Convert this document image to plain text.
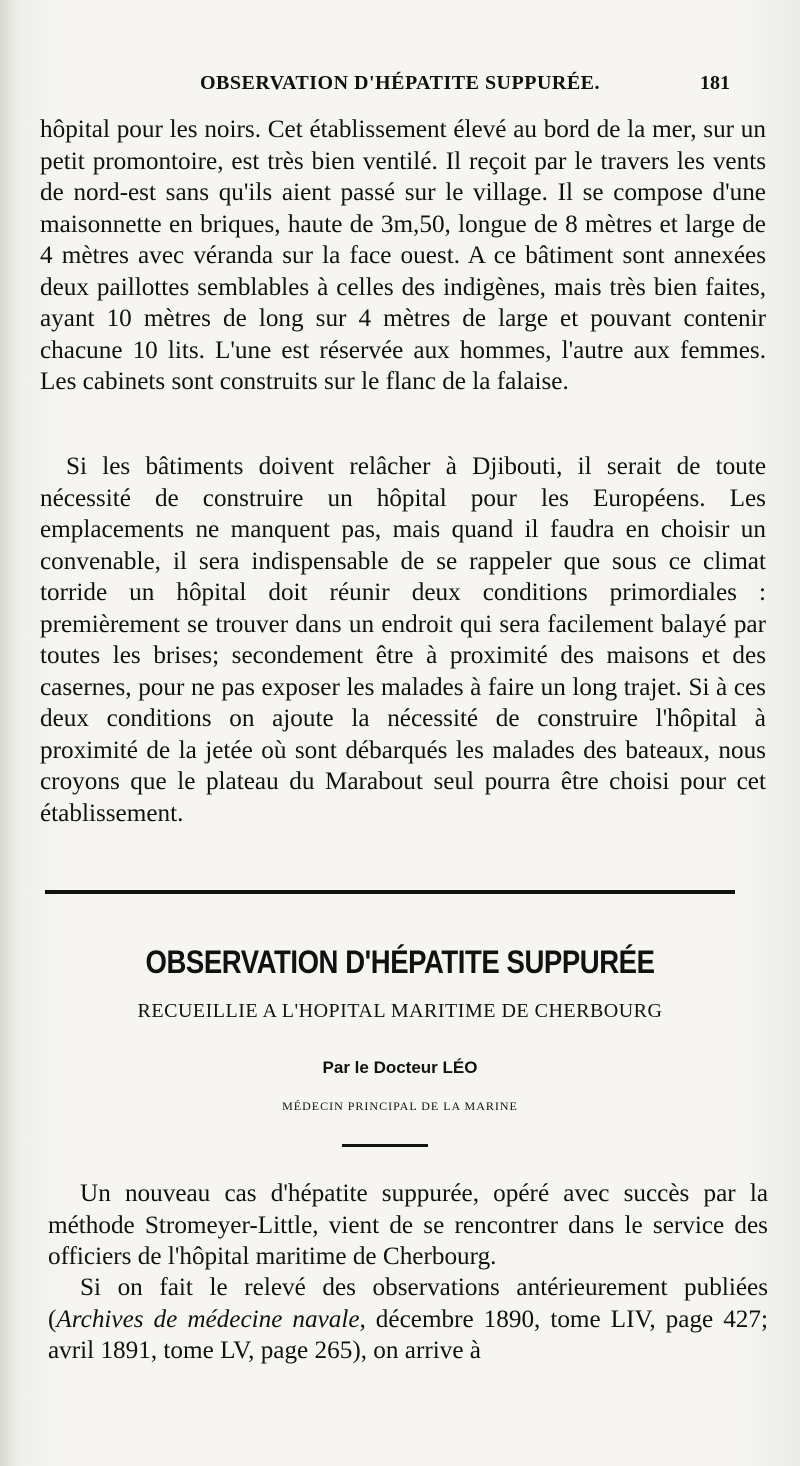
OBSERVATION D'HÉPATITE SUPPURÉE.	181

hôpital pour les noirs. Cet établissement élevé au bord de la mer, sur un petit promontoire, est très bien ventilé. Il reçoit par le travers les vents de nord-est sans qu'ils aient passé sur le village. Il se compose d'une maisonnette en briques, haute de 3m,50, longue de 8 mètres et large de 4 mètres avec véranda sur la face ouest. A ce bâtiment sont annexées deux paillottes semblables à celles des indigènes, mais très bien faites, ayant 10 mètres de long sur 4 mètres de large et pouvant contenir chacune 10 lits. L'une est réservée aux hommes, l'autre aux femmes. Les cabinets sont construits sur le flanc de la falaise.

Si les bâtiments doivent relâcher à Djibouti, il serait de toute nécessité de construire un hôpital pour les Européens. Les emplacements ne manquent pas, mais quand il faudra en choisir un convenable, il sera indispensable de se rappeler que sous ce climat torride un hôpital doit réunir deux conditions primordiales : premièrement se trouver dans un endroit qui sera facilement balayé par toutes les brises; secondement être à proximité des maisons et des casernes, pour ne pas exposer les malades à faire un long trajet. Si à ces deux conditions on ajoute la nécessité de construire l'hôpital à proximité de la jetée où sont débarqués les malades des bateaux, nous croyons que le plateau du Marabout seul pourra être choisi pour cet établissement.

OBSERVATION D'HÉPATITE SUPPURÉE
RECUEILLIE A L'HOPITAL MARITIME DE CHERBOURG
Par le Docteur LÉO
MÉDECIN PRINCIPAL DE LA MARINE

Un nouveau cas d'hépatite suppurée, opéré avec succès par la méthode Stromeyer-Little, vient de se rencontrer dans le service des officiers de l'hôpital maritime de Cherbourg.

Si on fait le relevé des observations antérieurement publiées (Archives de médecine navale, décembre 1890, tome LIV, page 427; avril 1891, tome LV, page 265), on arrive à
